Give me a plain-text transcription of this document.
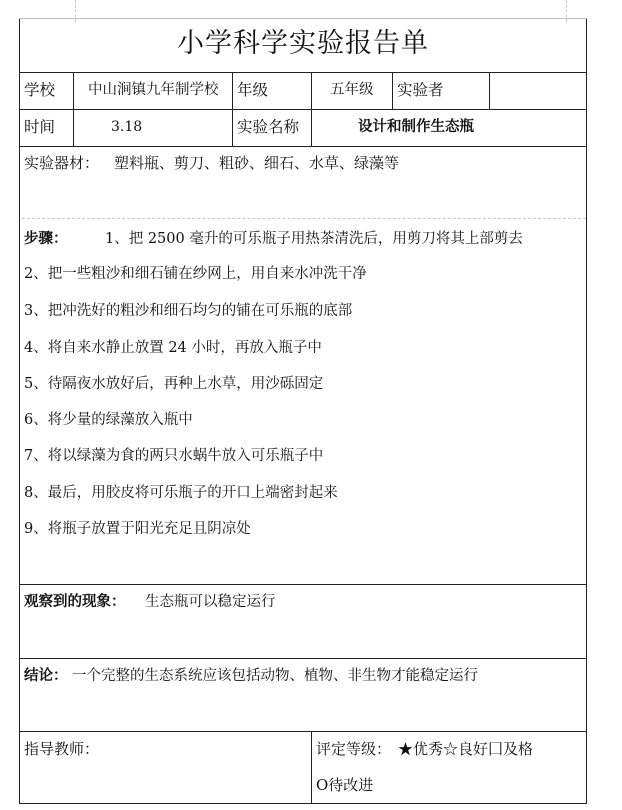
小学科学实验报告单
学校 中山涧镇九年制学校 年级	五年级 实验者
时间	3.18	实验名称	设计和制作生态瓶
实验器材： 塑料瓶、剪刀、粗砂、细石、水草、绿藻等
步骤：	1、把 2500 毫升的可乐瓶子用热茶清洗后，用剪刀将其上部剪去
2、把一些粗沙和细石铺在纱网上，用自来水冲洗干净
3、把冲洗好的粗沙和细石均匀的铺在可乐瓶的底部
4、将自来水静止放置 24 小时，再放入瓶子中
5、待隔夜水放好后，再种上水草，用沙砾固定
6、将少量的绿藻放入瓶中
7、将以绿藻为食的两只水蜗牛放入可乐瓶子中
8、最后，用胶皮将可乐瓶子的开口上端密封起来
9、将瓶子放置于阳光充足且阴凉处
观察到的现象： 生态瓶可以稳定运行
结论： 一个完整的生态系统应该包括动物、植物、非生物才能稳定运行
指导教师：	评定等级： ★优秀☆良好囗及格
O待改进
